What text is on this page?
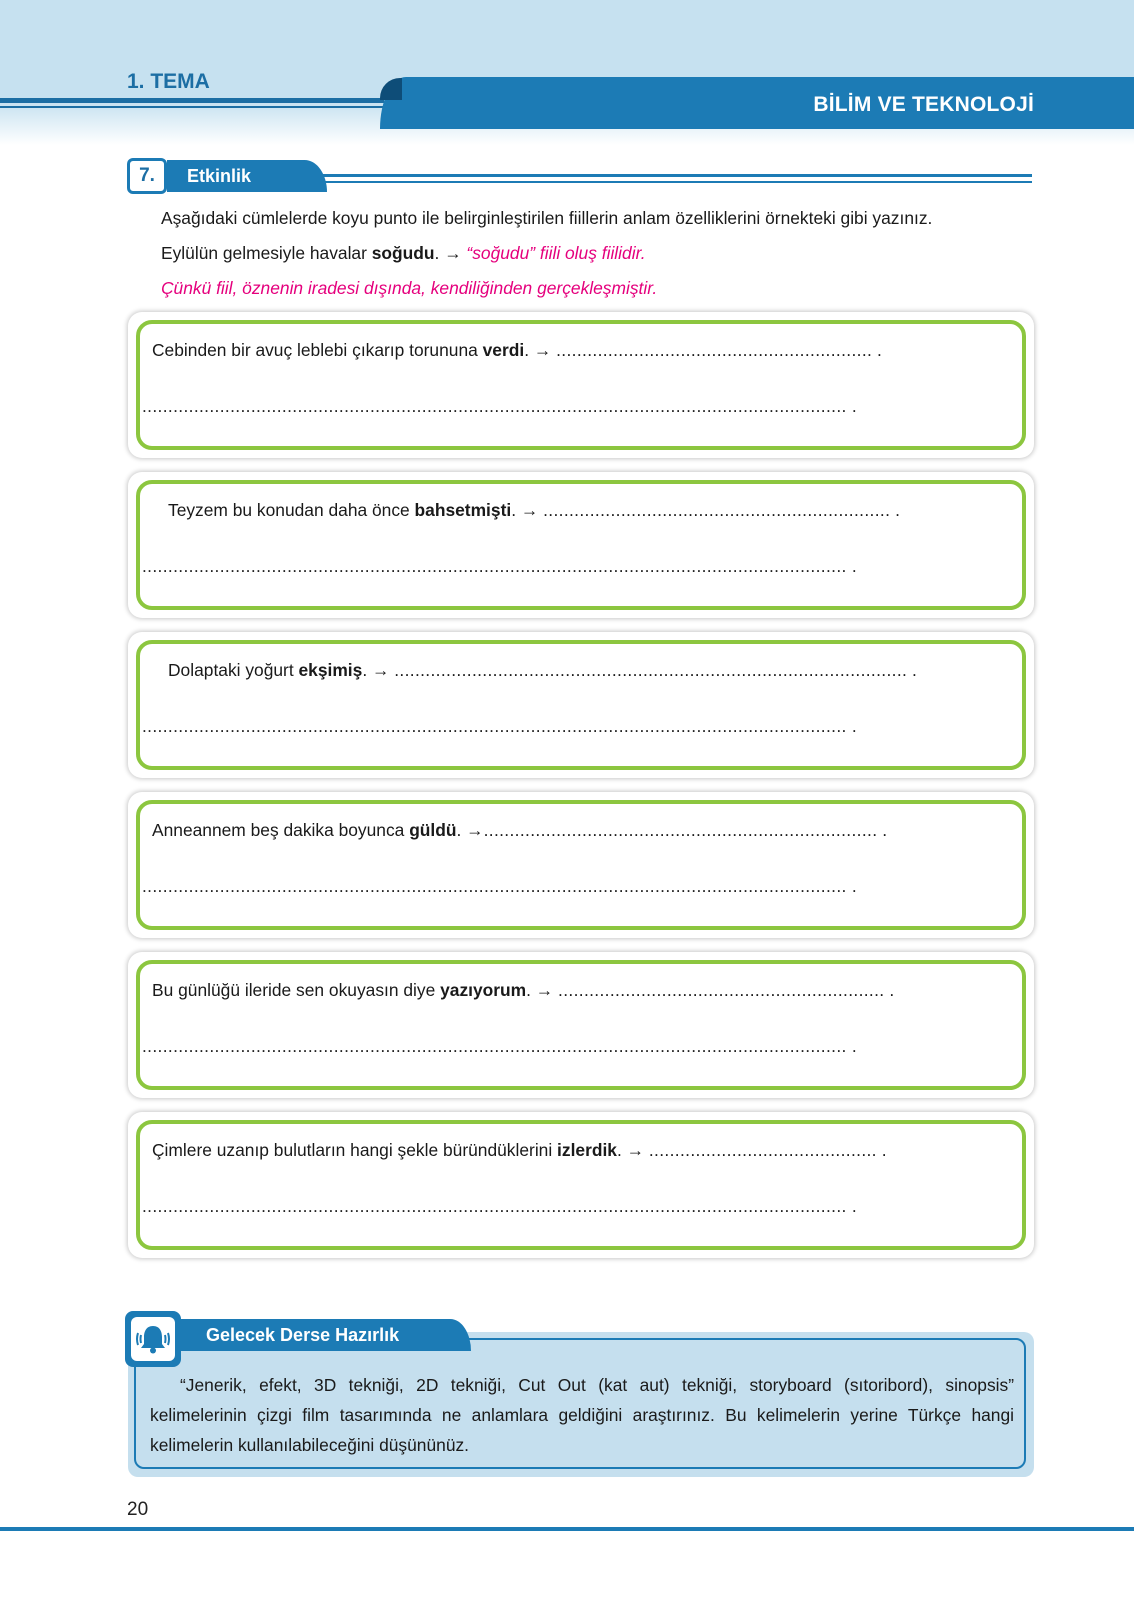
1. TEMA
BİLİM VE TEKNOLOJİ
7.	Etkinlik
Aşağıdaki cümlelerde koyu punto ile belirginleştirilen fiillerin anlam özelliklerini örnekteki gibi yazınız.
Eylülün gelmesiyle havalar soğudu. → “soğudu” fiili oluş fiilidir.
Çünkü fiil, öznenin iradesi dışında, kendiliğinden gerçekleşmiştir.
Cebinden bir avuç leblebi çıkarıp torununa verdi. → ............................................................. .
........................................................................................................................................ .
Teyzem bu konudan daha önce bahsetmişti. → ................................................................... .
........................................................................................................................................ .
Dolaptaki yoğurt ekşimiş. → ................................................................................................... .
........................................................................................................................................ .
Anneannem beş dakika boyunca güldü. →............................................................................ .
........................................................................................................................................ .
Bu günlüğü ileride sen okuyasın diye yazıyorum. → ............................................................... .
........................................................................................................................................ .
Çimlere uzanıp bulutların hangi şekle büründüklerini izlerdik. → ............................................ .
........................................................................................................................................ .
Gelecek Derse Hazırlık
“Jenerik, efekt, 3D tekniği, 2D tekniği, Cut Out (kat aut) tekniği, storyboard (sıtoribord), sinopsis” kelimelerinin çizgi film tasarımında ne anlamlara geldiğini araştırınız. Bu kelimelerin yerine Türkçe hangi kelimelerin kullanılabileceğini düşününüz.
20
